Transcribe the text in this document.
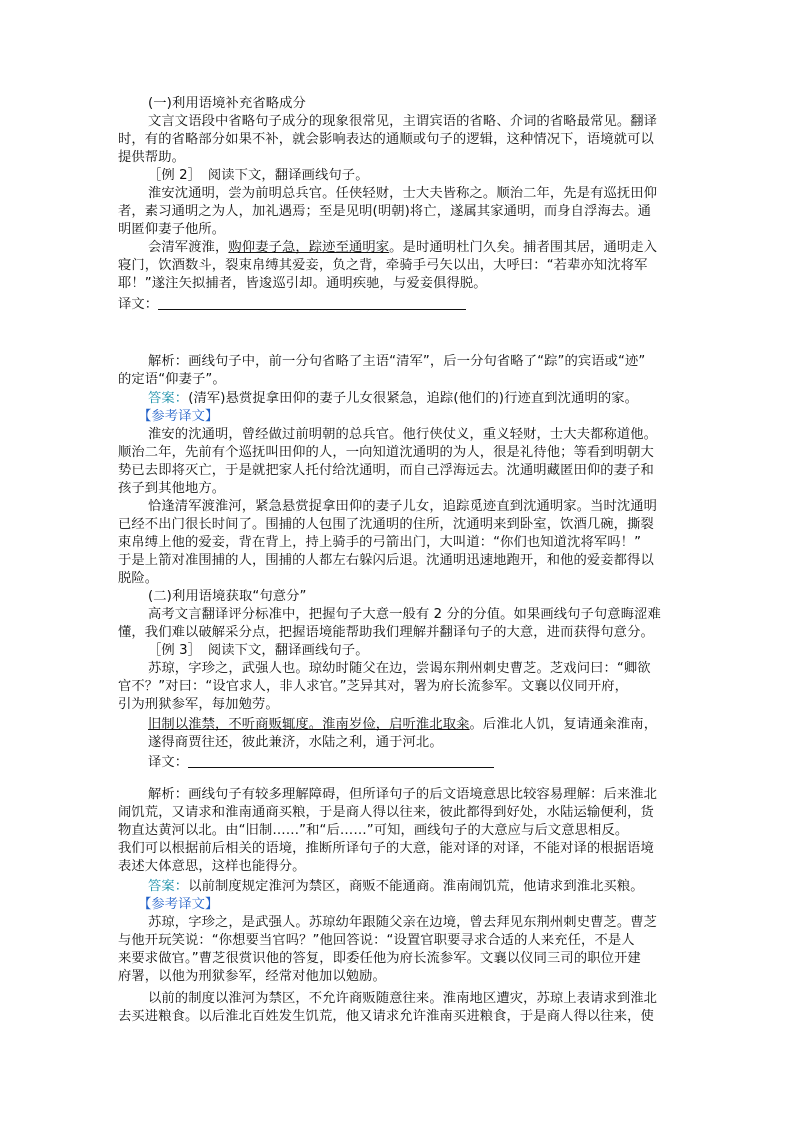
(一)利用语境补充省略成分
文言文语段中省略句子成分的现象很常见，主谓宾语的省略、介词的省略最常见。翻译
时，有的省略部分如果不补，就会影响表达的通顺或句子的逻辑，这种情况下，语境就可以
提供帮助。
［例 2］　阅读下文，翻译画线句子。
淮安沈通明，尝为前明总兵官。任侠轻财，士大夫皆称之。顺治二年，先是有巡抚田仰
者，素习通明之为人，加礼遇焉；至是见明(明朝)将亡，遂属其家通明，而身自浮海去。通
明匿仰妻子他所。
会清军渡淮，购仰妻子急，踪迹至通明家。是时通明杜门久矣。捕者围其居，通明走入
寝门，饮酒数斗，裂束帛缚其爱妾，负之背，牵骑手弓矢以出，大呼曰：“若辈亦知沈将军
耶！”遂注矢拟捕者，皆逡巡引却。通明疾驰，与爱妾俱得脱。
译文：
解析：画线句子中，前一分句省略了主语“清军”，后一分句省略了“踪”的宾语或“迹”
的定语“仰妻子”。
答案：(清军)悬赏捉拿田仰的妻子儿女很紧急，追踪(他们的)行迹直到沈通明的家。
【参考译文】
淮安的沈通明，曾经做过前明朝的总兵官。他行侠仗义，重义轻财，士大夫都称道他。
顺治二年，先前有个巡抚叫田仰的人，一向知道沈通明的为人，很是礼待他；等看到明朝大
势已去即将灭亡，于是就把家人托付给沈通明，而自己浮海远去。沈通明藏匿田仰的妻子和
孩子到其他地方。
恰逢清军渡淮河，紧急悬赏捉拿田仰的妻子儿女，追踪觅迹直到沈通明家。当时沈通明
已经不出门很长时间了。围捕的人包围了沈通明的住所，沈通明来到卧室，饮酒几碗，撕裂
束帛缚上他的爱妾，背在背上，持上骑手的弓箭出门，大叫道：“你们也知道沈将军吗！”
于是上箭对准围捕的人，围捕的人都左右躲闪后退。沈通明迅速地跑开，和他的爱妾都得以
脱险。
(二)利用语境获取“句意分”
高考文言翻译评分标准中，把握句子大意一般有 2 分的分值。如果画线句子句意晦涩难
懂，我们难以破解采分点，把握语境能帮助我们理解并翻译句子的大意，进而获得句意分。
［例 3］　阅读下文，翻译画线句子。
苏琼，字珍之，武强人也。琼幼时随父在边，尝谒东荆州刺史曹芝。芝戏问曰：“卿欲
官不？”对曰：“设官求人，非人求官。”芝异其对，署为府长流参军。文襄以仪同开府，
引为刑狱参军，每加勉劳。
旧制以淮禁，不听商贩辄度。淮南岁俭，启听淮北取籴。后淮北人饥，复请通籴淮南，
遂得商贾往还，彼此兼济，水陆之利，通于河北。
译文：
解析：画线句子有较多理解障碍，但所译句子的后文语境意思比较容易理解：后来淮北
闹饥荒，又请求和淮南通商买粮，于是商人得以往来，彼此都得到好处，水陆运输便利，货
物直达黄河以北。由“旧制……”和“后……”可知，画线句子的大意应与后文意思相反。
我们可以根据前后相关的语境，推断所译句子的大意，能对译的对译，不能对译的根据语境
表述大体意思，这样也能得分。
答案：以前制度规定淮河为禁区，商贩不能通商。淮南闹饥荒，他请求到淮北买粮。
【参考译文】
苏琼，字珍之，是武强人。苏琼幼年跟随父亲在边境，曾去拜见东荆州刺史曹芝。曹芝
与他开玩笑说：“你想要当官吗？”他回答说：“设置官职要寻求合适的人来充任，不是人
来要求做官。”曹芝很赏识他的答复，即委任他为府长流参军。文襄以仪同三司的职位开建
府署，以他为刑狱参军，经常对他加以勉励。
以前的制度以淮河为禁区，不允许商贩随意往来。淮南地区遭灾，苏琼上表请求到淮北
去买进粮食。以后淮北百姓发生饥荒，他又请求允许淮南买进粮食，于是商人得以往来，使
